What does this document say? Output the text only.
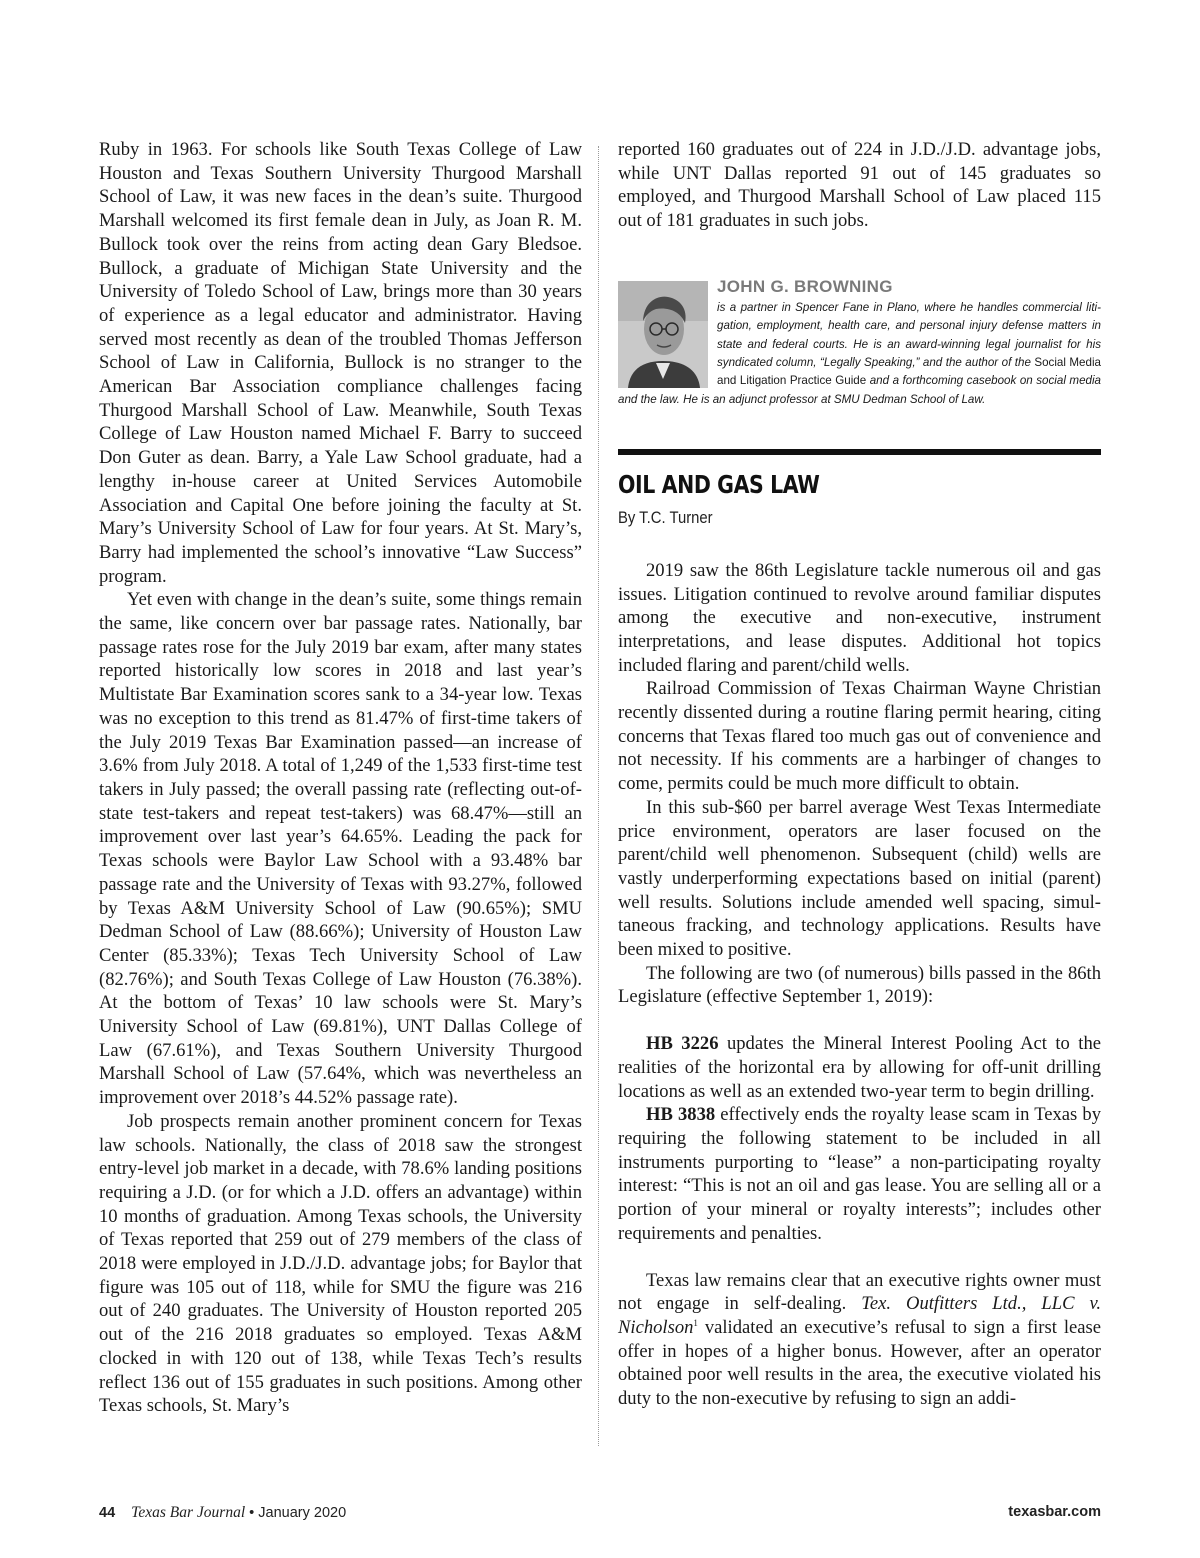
Ruby in 1963. For schools like South Texas College of Law Houston and Texas Southern University Thurgood Marshall School of Law, it was new faces in the dean’s suite. Thurgood Marshall welcomed its first female dean in July, as Joan R. M. Bullock took over the reins from acting dean Gary Bledsoe. Bullock, a graduate of Michigan State University and the University of Toledo School of Law, brings more than 30 years of experience as a legal educator and administrator. Having served most recently as dean of the troubled Thomas Jefferson School of Law in California, Bullock is no stranger to the American Bar Association compliance challenges facing Thurgood Marshall School of Law. Meanwhile, South Texas College of Law Houston named Michael F. Barry to succeed Don Guter as dean. Barry, a Yale Law School graduate, had a lengthy in-house career at United Services Automobile Association and Capital One before joining the faculty at St. Mary’s University School of Law for four years. At St. Mary’s, Barry had implemented the school’s innovative “Law Success” program.

Yet even with change in the dean’s suite, some things remain the same, like concern over bar passage rates. Nationally, bar passage rates rose for the July 2019 bar exam, after many states reported historically low scores in 2018 and last year’s Multistate Bar Examination scores sank to a 34-year low. Texas was no exception to this trend as 81.47% of first-time takers of the July 2019 Texas Bar Examination passed—an increase of 3.6% from July 2018. A total of 1,249 of the 1,533 first-time test takers in July passed; the overall passing rate (reflecting out-of-state test-takers and repeat test-takers) was 68.47%—still an improvement over last year’s 64.65%. Leading the pack for Texas schools were Baylor Law School with a 93.48% bar passage rate and the University of Texas with 93.27%, followed by Texas A&M University School of Law (90.65%); SMU Dedman School of Law (88.66%); University of Houston Law Center (85.33%); Texas Tech University School of Law (82.76%); and South Texas College of Law Houston (76.38%). At the bottom of Texas’ 10 law schools were St. Mary’s University School of Law (69.81%), UNT Dallas College of Law (67.61%), and Texas Southern University Thurgood Marshall School of Law (57.64%, which was nevertheless an improvement over 2018’s 44.52% passage rate).

Job prospects remain another prominent concern for Texas law schools. Nationally, the class of 2018 saw the strongest entry-level job market in a decade, with 78.6% landing positions requiring a J.D. (or for which a J.D. offers an advantage) within 10 months of graduation. Among Texas schools, the University of Texas reported that 259 out of 279 members of the class of 2018 were employed in J.D./J.D. advantage jobs; for Baylor that figure was 105 out of 118, while for SMU the figure was 216 out of 240 graduates. The University of Houston reported 205 out of the 216 2018 graduates so employed. Texas A&M clocked in with 120 out of 138, while Texas Tech’s results reflect 136 out of 155 graduates in such positions. Among other Texas schools, St. Mary’s

reported 160 graduates out of 224 in J.D./J.D. advantage jobs, while UNT Dallas reported 91 out of 145 graduates so employed, and Thurgood Marshall School of Law placed 115 out of 181 graduates in such jobs.

JOHN G. BROWNING
is a partner in Spencer Fane in Plano, where he handles commercial litigation, employment, health care, and personal injury defense matters in state and federal courts. He is an award-winning legal journalist for his syndicated column, “Legally Speaking,” and the author of the Social Media and Litigation Practice Guide and a forthcoming casebook on social media and the law. He is an adjunct professor at SMU Dedman School of Law.
OIL AND GAS LAW
By T.C. Turner

2019 saw the 86th Legislature tackle numerous oil and gas issues. Litigation continued to revolve around familiar disputes among the executive and non-executive, instrument interpretations, and lease disputes. Additional hot topics included flaring and parent/child wells.

Railroad Commission of Texas Chairman Wayne Christian recently dissented during a routine flaring permit hearing, citing concerns that Texas flared too much gas out of convenience and not necessity. If his comments are a harbinger of changes to come, permits could be much more difficult to obtain.

In this sub-$60 per barrel average West Texas Intermediate price environment, operators are laser focused on the parent/child well phenomenon. Subsequent (child) wells are vastly underperforming expectations based on initial (parent) well results. Solutions include amended well spacing, simultaneous fracking, and technology applications. Results have been mixed to positive.

The following are two (of numerous) bills passed in the 86th Legislature (effective September 1, 2019):

HB 3226 updates the Mineral Interest Pooling Act to the realities of the horizontal era by allowing for off-unit drilling locations as well as an extended two-year term to begin drilling.

HB 3838 effectively ends the royalty lease scam in Texas by requiring the following statement to be included in all instruments purporting to “lease” a non-participating royalty interest: “This is not an oil and gas lease. You are selling all or a portion of your mineral or royalty interests”; includes other requirements and penalties.

Texas law remains clear that an executive rights owner must not engage in self-dealing. Tex. Outfitters Ltd., LLC v. Nicholson$^1$ validated an executive’s refusal to sign a first lease offer in hopes of a higher bonus. However, after an operator obtained poor well results in the area, the executive violated his duty to the non-executive by refusing to sign an addi-

44 Texas Bar Journal • January 2020	texasbar.com
